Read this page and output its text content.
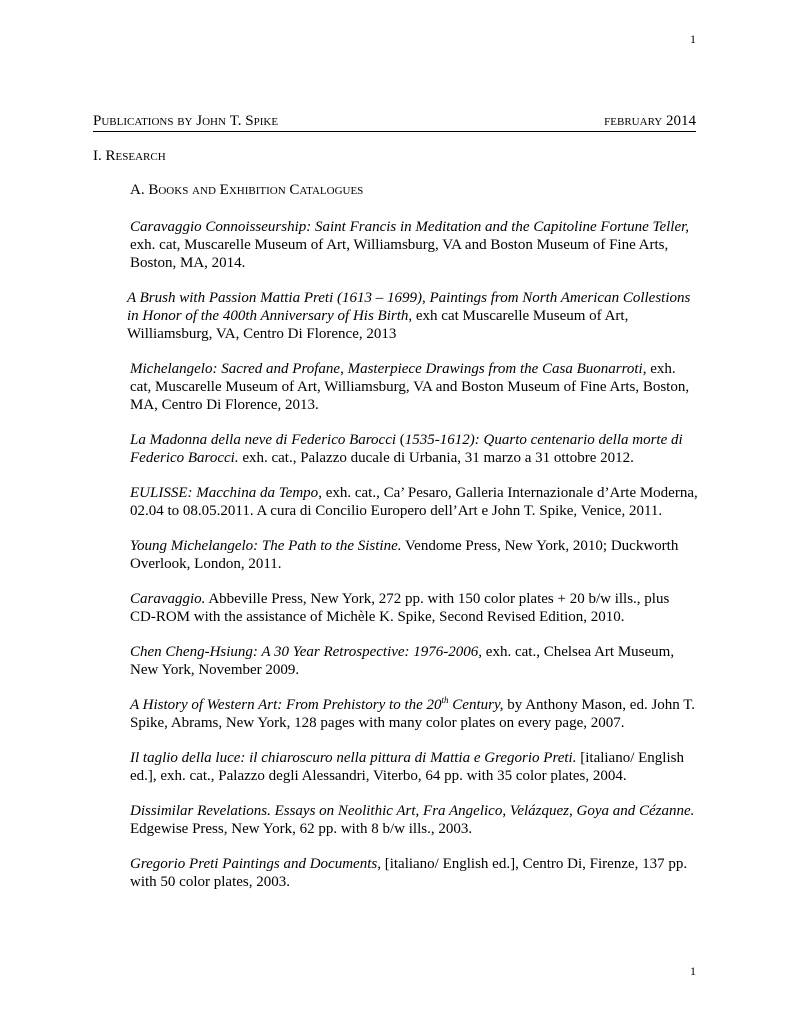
1
Publications by John T. Spike	february 2014
I. Research
A. Books and Exhibition Catalogues

Caravaggio Connoisseurship: Saint Francis in Meditation and the Capitoline Fortune Teller, exh. cat, Muscarelle Museum of Art, Williamsburg, VA and Boston Museum of Fine Arts, Boston, MA, 2014.

A Brush with Passion Mattia Preti (1613 – 1699), Paintings from North American Collestions in Honor of the 400th Anniversary of His Birth, exh cat Muscarelle Museum of Art, Williamsburg, VA, Centro Di Florence, 2013

Michelangelo: Sacred and Profane, Masterpiece Drawings from the Casa Buonarroti, exh. cat, Muscarelle Museum of Art, Williamsburg, VA and Boston Museum of Fine Arts, Boston, MA, Centro Di Florence, 2013.

La Madonna della neve di Federico Barocci (1535-1612): Quarto centenario della morte di Federico Barocci. exh. cat., Palazzo ducale di Urbania, 31 marzo a 31 ottobre 2012.

EULISSE: Macchina da Tempo, exh. cat., Ca’ Pesaro, Galleria Internazionale d’Arte Moderna, 02.04 to 08.05.2011. A cura di Concilio Europero dell’Art e John T. Spike, Venice, 2011.

Young Michelangelo: The Path to the Sistine. Vendome Press, New York, 2010; Duckworth Overlook, London, 2011.

Caravaggio. Abbeville Press, New York, 272 pp. with 150 color plates + 20 b/w ills., plus CD-ROM with the assistance of Michèle K. Spike, Second Revised Edition, 2010.

Chen Cheng-Hsiung: A 30 Year Retrospective: 1976-2006, exh. cat., Chelsea Art Museum, New York, November 2009.

A History of Western Art: From Prehistory to the 20th Century, by Anthony Mason, ed. John T. Spike, Abrams, New York, 128 pages with many color plates on every page, 2007.

Il taglio della luce: il chiaroscuro nella pittura di Mattia e Gregorio Preti. [italiano/ English ed.], exh. cat., Palazzo degli Alessandri, Viterbo, 64 pp. with 35 color plates, 2004.

Dissimilar Revelations. Essays on Neolithic Art, Fra Angelico, Velázquez, Goya and Cézanne. Edgewise Press, New York, 62 pp. with 8 b/w ills., 2003.

Gregorio Preti Paintings and Documents, [italiano/ English ed.], Centro Di, Firenze, 137 pp. with 50 color plates, 2003.

1
